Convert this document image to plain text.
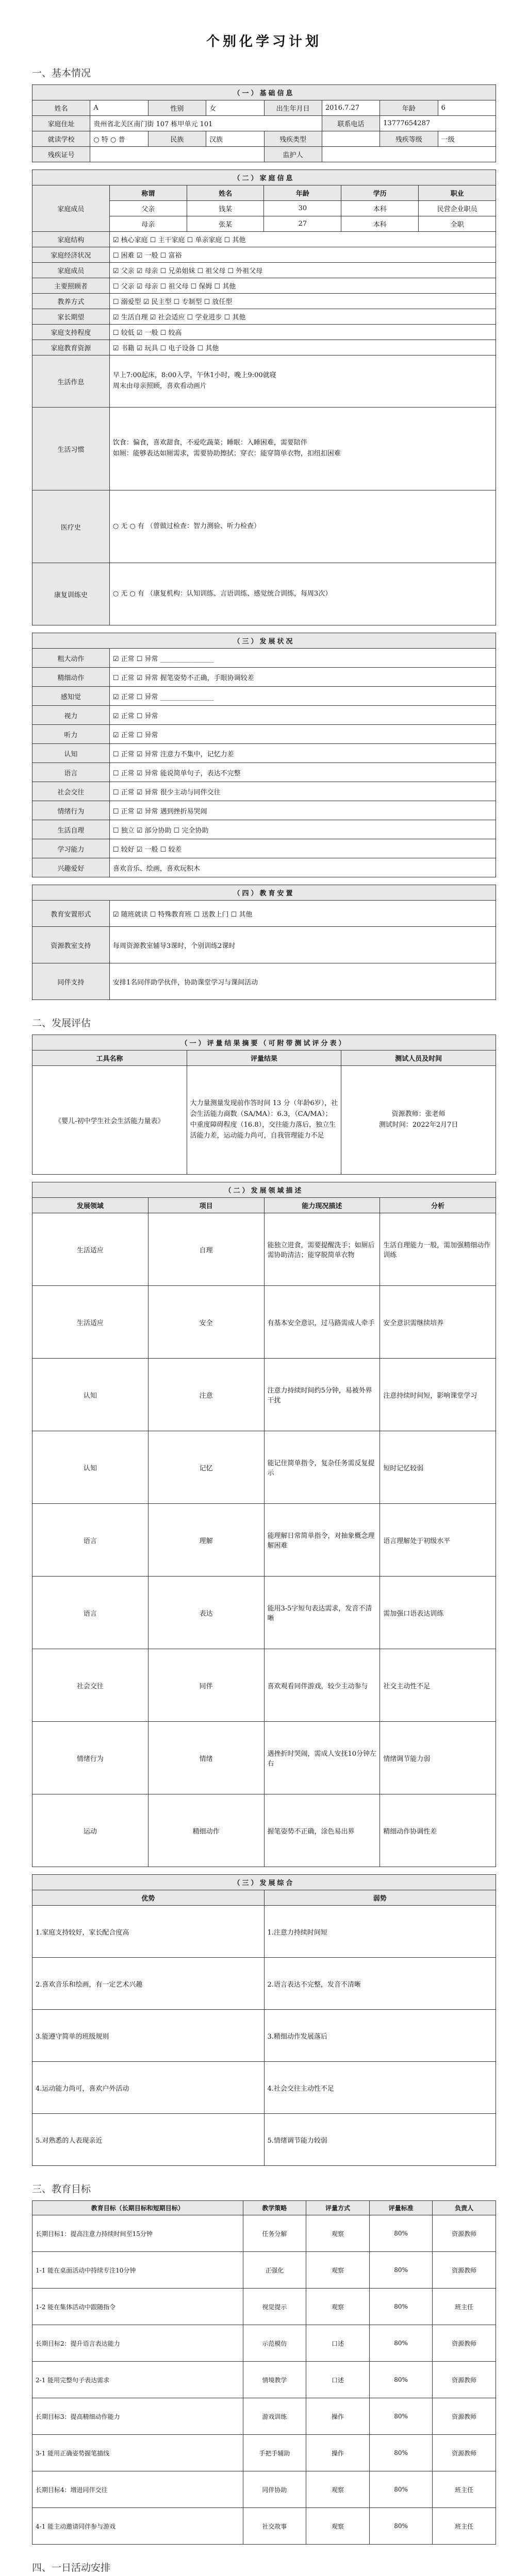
个别化学习计划
一、基本情况
（一）基础信息							
姓名	A	性别	女	出生年月日	2016.7.27	年龄	6
家庭住址	贵州省北关区南门街 107 栋甲单元 101				联系电话	13777654287	
就读学校	○ 特 ○ 普	民族	汉族	残疾类型		残疾等级	一级
残疾证号				监护人			
（二）家庭信息					
家庭成员	称谓	姓名	年龄	学历	职业
	父亲	钱某	30	本科	民营企业职员
	母亲	张某	27	本科	全职
家庭结构	☑ 核心家庭 ☐ 主干家庭 ☐ 单亲家庭 ☐ 其他				
家庭经济状况	☐ 困难 ☑ 一般 ☐ 富裕				
家庭成员	☑ 父亲 ☑ 母亲 ☐ 兄弟姐妹 ☐ 祖父母 ☐ 外祖父母				
主要照顾者	☐ 父亲 ☑ 母亲 ☐ 祖父母 ☐ 保姆 ☐ 其他				
教养方式	☐ 溺爱型 ☑ 民主型 ☐ 专制型 ☐ 放任型				
家长期望	☑ 生活自理 ☑ 社会适应 ☐ 学业进步 ☐ 其他				
家庭支持程度	☐ 较低 ☑ 一般 ☐ 较高				
家庭教育资源	☑ 书籍 ☑ 玩具 ☐ 电子设备 ☐ 其他				
生活作息	早上7:00起床，8:00入学，午休1小时，晚上9:00就寝
周末由母亲照顾，喜欢看动画片				
生活习惯	饮食：偏食，喜欢甜食，不爱吃蔬菜；睡眠：入睡困难，需要陪伴
如厕：能够表达如厕需求，需要协助擦拭；穿衣：能穿简单衣物，扣纽扣困难				
医疗史	○ 无 ○ 有 （曾做过检查：智力测验、听力检查）				
康复训练史	○ 无 ○ 有 （康复机构：认知训练、言语训练、感觉统合训练，每周3次）				
（三）发展状况	
粗大动作	☑ 正常 ☐ 异常 ________________
精细动作	☐ 正常 ☑ 异常 握笔姿势不正确，手眼协调较差
感知觉	☑ 正常 ☐ 异常 ________________
视力	☑ 正常 ☐ 异常
听力	☑ 正常 ☐ 异常
认知	☐ 正常 ☑ 异常 注意力不集中，记忆力差
语言	☐ 正常 ☑ 异常 能说简单句子，表达不完整
社会交往	☐ 正常 ☑ 异常 很少主动与同伴交往
情绪行为	☐ 正常 ☑ 异常 遇到挫折易哭闹
生活自理	☐ 独立 ☑ 部分协助 ☐ 完全协助
学习能力	☐ 较好 ☑ 一般 ☐ 较差
兴趣爱好	喜欢音乐、绘画，喜欢玩积木
（四）教育安置	
教育安置形式	☑ 随班就读 ☐ 特殊教育班 ☐ 送教上门 ☐ 其他
资源教室支持	每周资源教室辅导3课时，个别训练2课时
同伴支持	安排1名同伴助学伙伴，协助课堂学习与课间活动
二、发展评估
（一）评量结果摘要（可附带测试评分表）		
工具名称	评量结果	测试人员及时间
《婴儿-初中学生社会生活能力量表》	大力量测量发现前作答时间 13 分（年龄6岁），社会生活能力商数（SA/MA）：6.3，（CA/MA）；中重度障碍程度（16.8），交往能力落后，独立生活能力差，运动能力尚可，自我管理能力不足	资源教师：张老师
测试时间：2022年2月7日
（二）发展领域描述			
发展领域	项目	能力现况描述	分析
生活适应	自理	能独立进食，需要提醒洗手；如厕后需协助清洁；能穿脱简单衣物	生活自理能力一般，需加强精细动作训练
生活适应	安全	有基本安全意识，过马路需成人牵手	安全意识需继续培养
认知	注意	注意力持续时间约5分钟，易被外界干扰	注意持续时间短，影响课堂学习
认知	记忆	能记住简单指令，复杂任务需反复提示	短时记忆较弱
语言	理解	能理解日常简单指令，对抽象概念理解困难	语言理解处于初级水平
语言	表达	能用3-5字短句表达需求，发音不清晰	需加强口语表达训练
社会交往	同伴	喜欢观看同伴游戏，较少主动参与	社交主动性不足
情绪行为	情绪	遇挫折时哭闹，需成人安抚10分钟左右	情绪调节能力弱
运动	精细动作	握笔姿势不正确，涂色易出界	精细动作协调性差
（三）发展综合	
优势	弱势
1.家庭支持较好，家长配合度高	1.注意力持续时间短
2.喜欢音乐和绘画，有一定艺术兴趣	2.语言表达不完整，发音不清晰
3.能遵守简单的班级规则	3.精细动作发展落后
4.运动能力尚可，喜欢户外活动	4.社会交往主动性不足
5.对熟悉的人表现亲近	5.情绪调节能力较弱
三、教育目标
教育目标（长期目标和短期目标）	教学策略	评量方式	评量标准	负责人
长期目标1：提高注意力持续时间至15分钟	任务分解	观察	80%	资源教师
1-1 能在桌面活动中持续专注10分钟	正强化	观察	80%	资源教师
1-2 能在集体活动中跟随指令	视觉提示	观察	80%	班主任
长期目标2：提升语言表达能力	示范模仿	口述	80%	资源教师
2-1 能用完整句子表达需求	情境教学	口述	80%	资源教师
长期目标3：提高精细动作能力	游戏训练	操作	80%	资源教师
3-1 能用正确姿势握笔描线	手把手辅助	操作	80%	资源教师
长期目标4：增进同伴交往	同伴协助	观察	80%	班主任
4-1 能主动邀请同伴参与游戏	社交故事	观察	80%	班主任
四、一日活动安排
